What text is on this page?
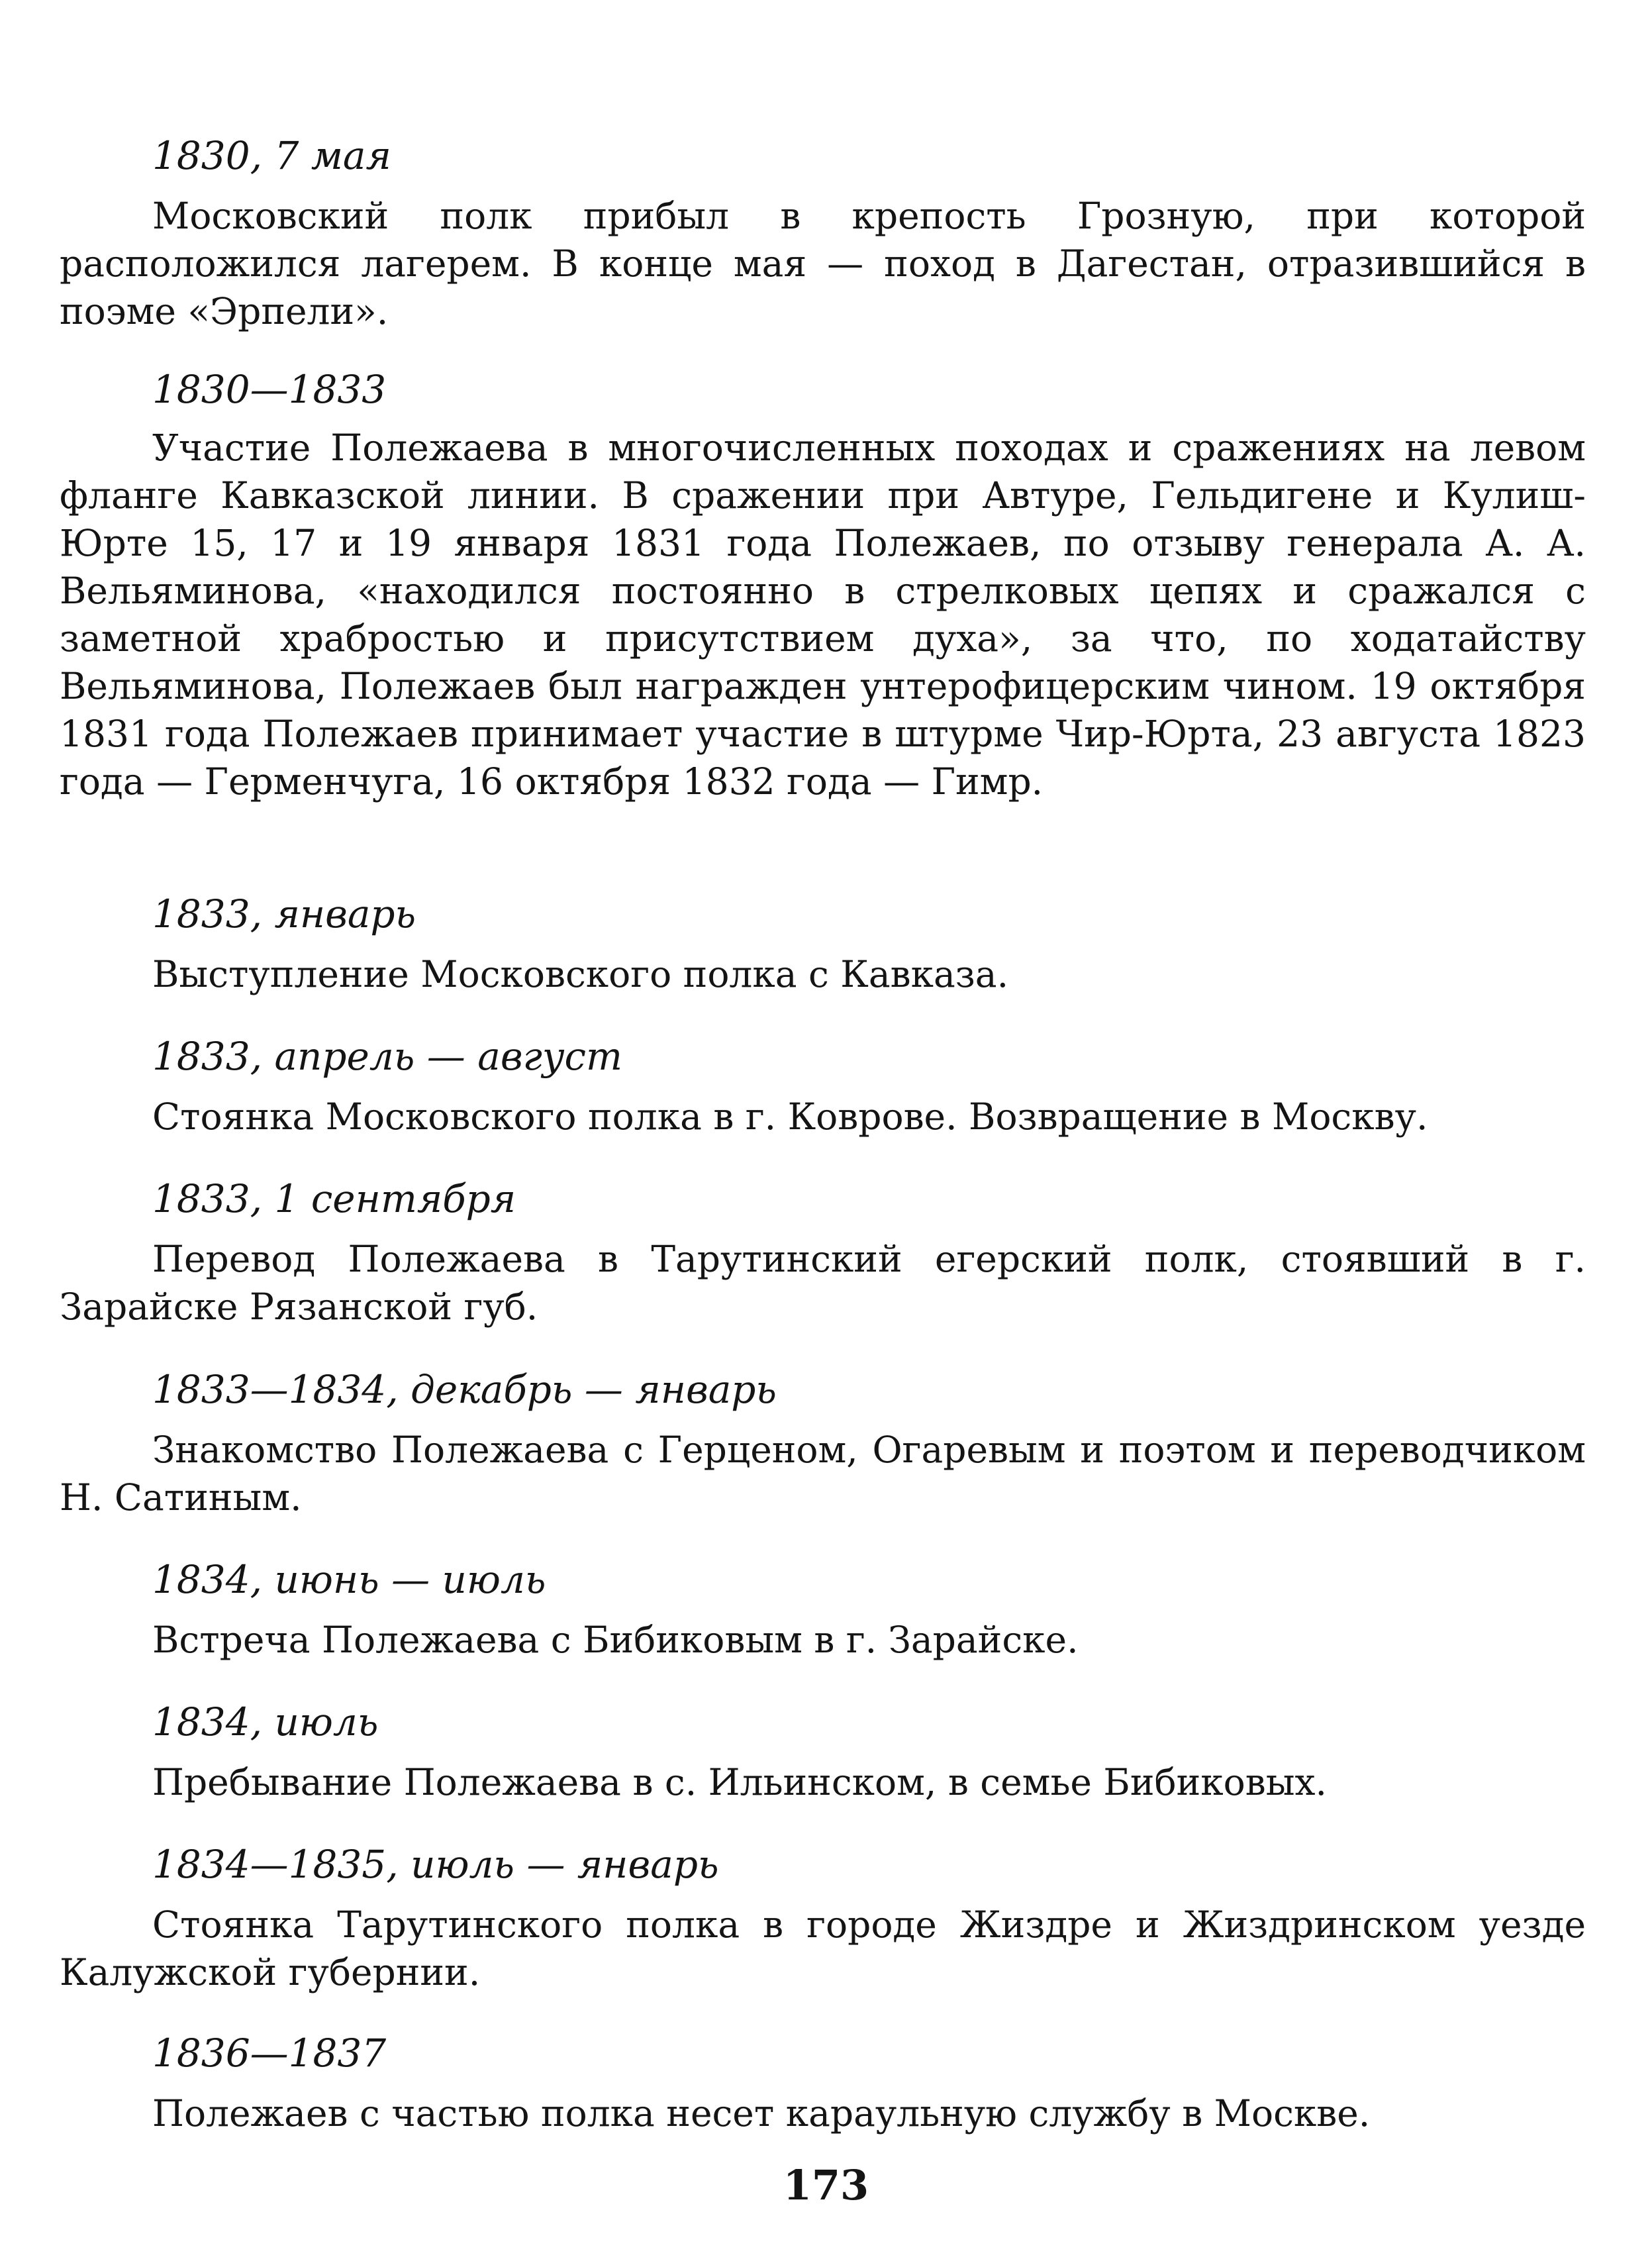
1830, 7 мая
Московский полк прибыл в крепость Грозную, при которой расположился лагерем. В конце мая — поход в Дагестан, отразившийся в поэме «Эрпели».
1830—1833
Участие Полежаева в многочисленных походах и сражениях на левом фланге Кавказской линии. В сражении при Автуре, Гельдигене и Кулиш-Юрте 15, 17 и 19 января 1831 года Полежаев, по отзыву генерала А. А. Вельяминова, «находился постоянно в стрелковых цепях и сражался с заметной храбростью и присутствием духа», за что, по ходатайству Вельяминова, Полежаев был награжден унтерофицерским чином. 19 октября 1831 года Полежаев принимает участие в штурме Чир-Юрта, 23 августа 1823 года — Герменчуга, 16 октября 1832 года — Гимр.
1833, январь
Выступление Московского полка с Кавказа.
1833, апрель — август
Стоянка Московского полка в г. Коврове. Возвращение в Москву.
1833, 1 сентября
Перевод Полежаева в Тарутинский егерский полк, стоявший в г. Зарайске Рязанской губ.
1833—1834, декабрь — январь
Знакомство Полежаева с Герценом, Огаревым и поэтом и переводчиком Н. Сатиным.
1834, июнь — июль
Встреча Полежаева с Бибиковым в г. Зарайске.
1834, июль
Пребывание Полежаева в с. Ильинском, в семье Бибиковых.
1834—1835, июль — январь
Стоянка Тарутинского полка в городе Жиздре и Жиздринском уезде Калужской губернии.
1836—1837
Полежаев с частью полка несет караульную службу в Москве.
173
